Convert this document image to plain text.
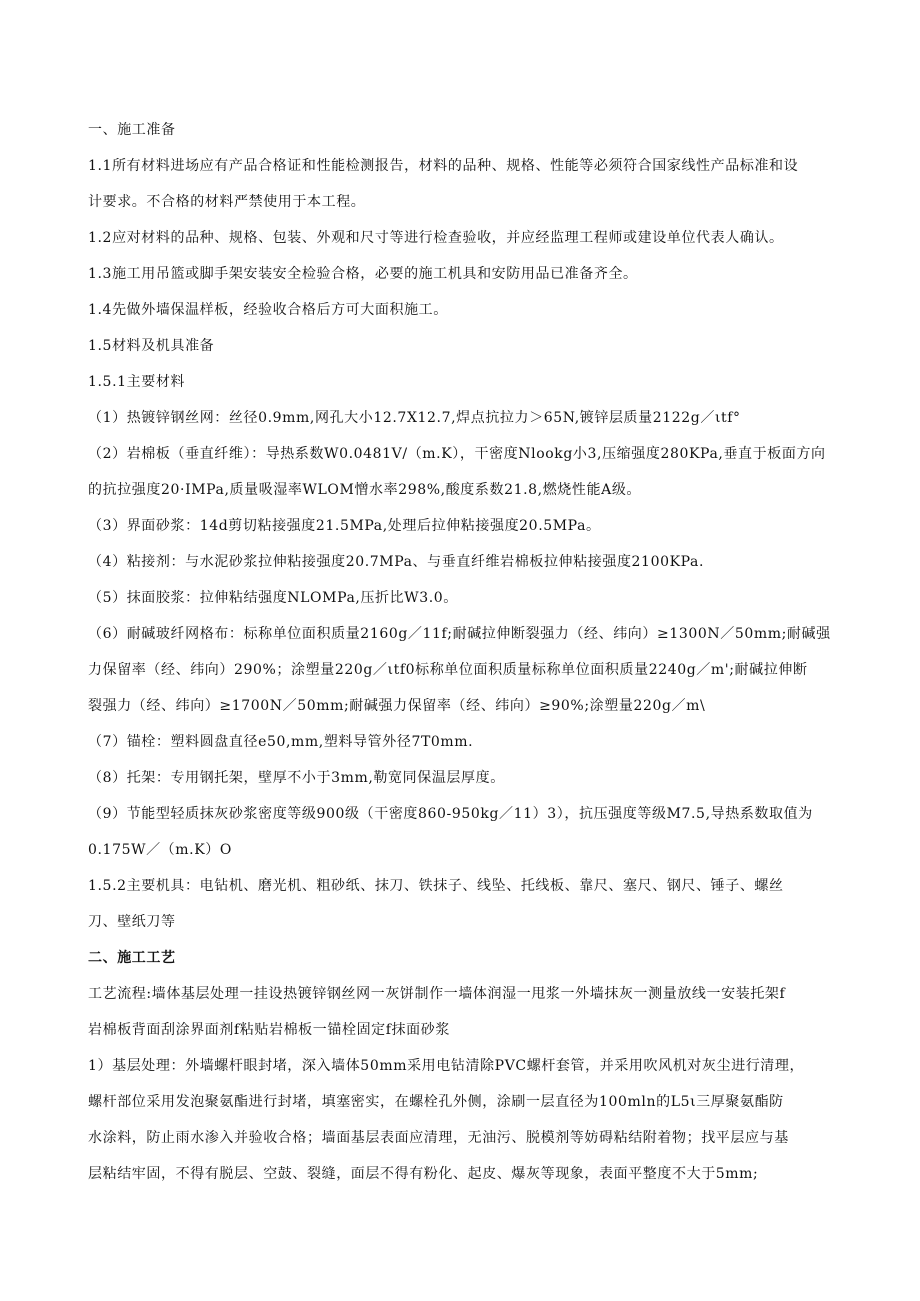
一、施工准备

1.1所有材料进场应有产品合格证和性能检测报告，材料的品种、规格、性能等必须符合国家线性产品标准和设
计要求。不合格的材料严禁使用于本工程。

1.2应对材料的品种、规格、包装、外观和尺寸等进行检查验收，并应经监理工程师或建设单位代表人确认。

1.3施工用吊篮或脚手架安装安全检验合格，必要的施工机具和安防用品已准备齐全。

1.4先做外墙保温样板，经验收合格后方可大面积施工。

1.5材料及机具准备

1.5.1主要材料

（1）热镀锌钢丝网：丝径0.9mm,网孔大小12.7X12.7,焊点抗拉力＞65N,镀锌层质量2122g／ιtf°

（2）岩棉板（垂直纤维）：导热系数W0.0481V/（m.K），干密度Nlookg小3,压缩强度280KPa,垂直于板面方向
的抗拉强度20·IMPa,质量吸湿率WLOM憎水率298%,酸度系数21.8,燃烧性能A级。

（3）界面砂浆：14d剪切粘接强度21.5MPa,处理后拉伸粘接强度20.5MPa。

（4）粘接剂：与水泥砂浆拉伸粘接强度20.7MPa、与垂直纤维岩棉板拉伸粘接强度2100KPa.

（5）抹面胶浆：拉伸粘结强度NLOMPa,压折比W3.0。

（6）耐碱玻纤网格布：标称单位面积质量2160g／11f;耐碱拉伸断裂强力（经、纬向）≥1300N／50mm;耐碱强
力保留率（经、纬向）290%；涂塑量220g／ιtf0标称单位面积质量标称单位面积质量2240g／m';耐碱拉伸断
裂强力（经、纬向）≥1700N／50mm;耐碱强力保留率（经、纬向）≥90%;涂塑量220g／m\

（7）锚栓：塑料圆盘直径e50,mm,塑料导管外径7T0mm.

（8）托架：专用钢托架，壁厚不小于3mm,勒宽同保温层厚度。

（9）节能型轻质抹灰砂浆密度等级900级（干密度860-950kg／11）3），抗压强度等级M7.5,导热系数取值为
0.175W／（m.K）O

1.5.2主要机具：电钻机、磨光机、粗砂纸、抹刀、铁抹子、线坠、托线板、靠尺、塞尺、钢尺、锤子、螺丝
刀、壁纸刀等

二、施工工艺

工艺流程:墙体基层处理一挂设热镀锌钢丝网一灰饼制作一墙体润湿一甩浆一外墙抹灰一测量放线一安装托架f
岩棉板背面刮涂界面剂f粘贴岩棉板一锚栓固定f抹面砂浆

1）基层处理：外墙螺杆眼封堵，深入墙体50mm采用电钻清除PVC螺杆套管，并采用吹风机对灰尘进行清理，
螺杆部位采用发泡聚氨酯进行封堵，填塞密实，在螺栓孔外侧，涂刷一层直径为100mln的L5ι三厚聚氨酯防
水涂料，防止雨水渗入并验收合格；墙面基层表面应清理，无油污、脱模剂等妨碍粘结附着物；找平层应与基
层粘结牢固，不得有脱层、空鼓、裂缝，面层不得有粉化、起皮、爆灰等现象，表面平整度不大于5mm;
